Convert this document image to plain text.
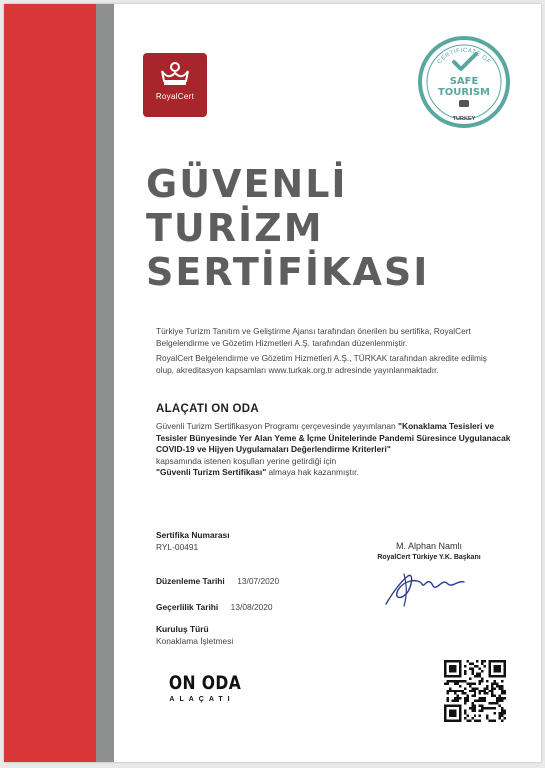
RoyalCert
CERTIFICATE OF
SAFE
TOURISM
TURKEY
GÜVENLİ
TURİZM
SERTİFİKASI

Türkiye Turizm Tanıtım ve Geliştirme Ajansı tarafından önerilen bu sertifika, RoyalCert Belgelendirme ve Gözetim Hizmetleri A.Ş. tarafından düzenlenmiştir.

RoyalCert Belgelendirme ve Gözetim Hizmetleri A.Ş., TÜRKAK tarafından akredite edilmiş olup, akreditasyon kapsamları www.turkak.org.tr adresinde yayınlanmaktadır.

ALAÇATI ON ODA
Güvenli Turizm Sertifikasyon Programı çerçevesinde yayımlanan "Konaklama Tesisleri ve Tesisler Bünyesinde Yer Alan Yeme & İçme Ünitelerinde Pandemi Süresince Uygulanacak COVID-19 ve Hijyen Uygulamaları Değerlendirme Kriterleri"
kapsamında istenen koşulları yerine getirdiği için
"Güvenli Turizm Sertifikası" almaya hak kazanmıştır.
Sertifika Numarası
RYL-00491
Düzenleme Tarihi 13/07/2020
Geçerlilik Tarihi 13/08/2020
Kuruluş Türü
Konaklama İşletmesi
M. Alphan Namlı
RoyalCert Türkiye Y.K. Başkanı
ON ODA
ALAÇATI
